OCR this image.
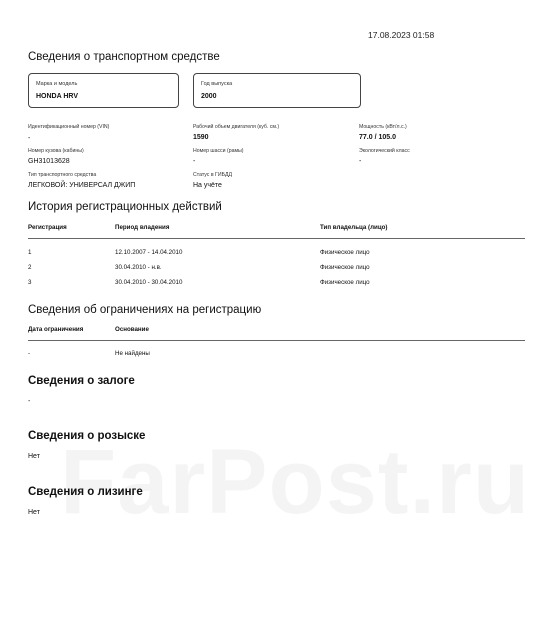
17.08.2023 01:58
Сведения о транспортном средстве
Марка и модель
HONDA HRV
Год выпуска
2000
Идентификационный номер (VIN)
-
Рабочий объем двигателя (куб. см.)
1590
Мощность (кВт/л.с.)
77.0 / 105.0
Номер кузова (кабины)
GH31013628
Номер шасси (рамы)
-
Экологический класс
-
Тип транспортного средства
ЛЕГКОВОЙ: УНИВЕРСАЛ ДЖИП
Статус в ГИБДД
На учёте
История регистрационных действий
Регистрация	Период владения	Тип владельца (лицо)
1	12.10.2007 - 14.04.2010	Физическое лицо
2	30.04.2010 - н.в.	Физическое лицо
3	30.04.2010 - 30.04.2010	Физическое лицо
Сведения об ограничениях на регистрацию
Дата ограничения	Основание
-	Не найдены
Сведения о залоге
-
Сведения о розыске
Нет
Сведения о лизинге
Нет
